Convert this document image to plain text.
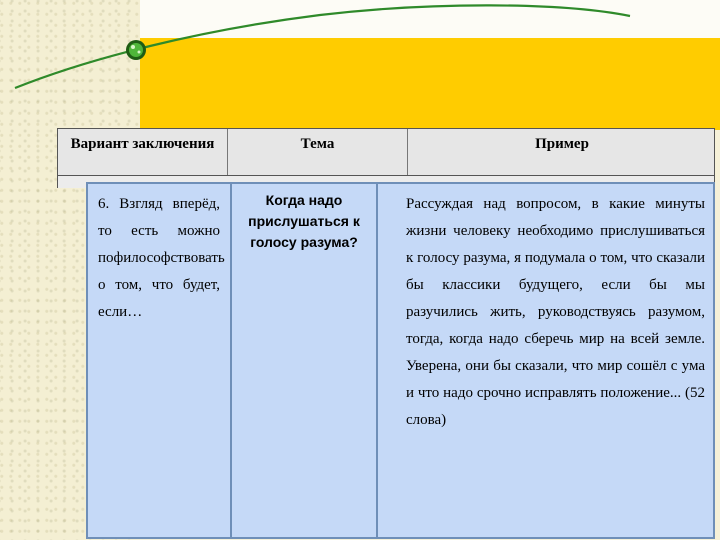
Вариант заключения	Тема	Пример
6. Взгляд вперёд, то есть можно пофилософствовать о том, что будет, если…
Когда надо прислушаться к голосу разума?
Рассуждая над вопросом, в какие минуты жизни человеку необходимо прислушиваться к голосу разума, я подумала о том, что сказали бы классики будущего, если бы мы разучились жить, руководствуясь разумом, тогда, когда надо сберечь мир на всей земле. Уверена, они бы сказали, что мир сошёл с ума и что надо срочно исправлять положение... (52 слова)
